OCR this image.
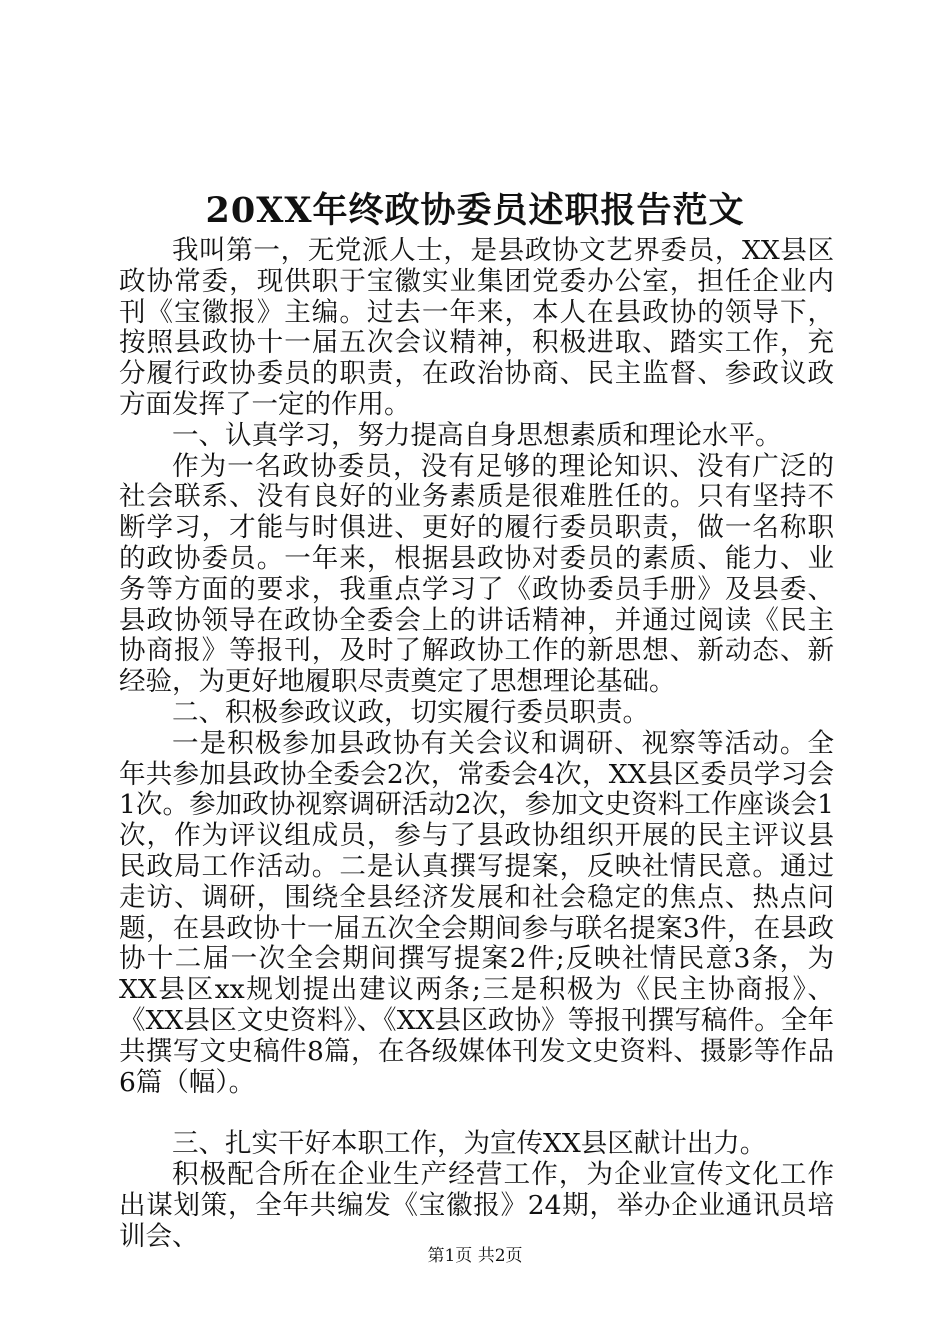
20XX年终政协委员述职报告范文

我叫第一，无党派人士，是县政协文艺界委员，XX县区政协常委，现供职于宝徽实业集团党委办公室，担任企业内刊《宝徽报》主编。过去一年来，本人在县政协的领导下，按照县政协十一届五次会议精神，积极进取、踏实工作，充分履行政协委员的职责，在政治协商、民主监督、参政议政方面发挥了一定的作用。

一、认真学习，努力提高自身思想素质和理论水平。

作为一名政协委员，没有足够的理论知识、没有广泛的社会联系、没有良好的业务素质是很难胜任的。只有坚持不断学习，才能与时俱进、更好的履行委员职责，做一名称职的政协委员。一年来，根据县政协对委员的素质、能力、业务等方面的要求，我重点学习了《政协委员手册》及县委、县政协领导在政协全委会上的讲话精神，并通过阅读《民主协商报》等报刊，及时了解政协工作的新思想、新动态、新经验，为更好地履职尽责奠定了思想理论基础。

二、积极参政议政，切实履行委员职责。

一是积极参加县政协有关会议和调研、视察等活动。全年共参加县政协全委会2次，常委会4次，XX县区委员学习会1次。参加政协视察调研活动2次，参加文史资料工作座谈会1次，作为评议组成员，参与了县政协组织开展的民主评议县民政局工作活动。二是认真撰写提案，反映社情民意。通过走访、调研，围绕全县经济发展和社会稳定的焦点、热点问题，在县政协十一届五次全会期间参与联名提案3件，在县政协十二届一次全会期间撰写提案2件;反映社情民意3条，为XX县区xx规划提出建议两条;三是积极为《民主协商报》、《XX县区文史资料》、《XX县区政协》等报刊撰写稿件。全年共撰写文史稿件8篇，在各级媒体刊发文史资料、摄影等作品6篇（幅）。

三、扎实干好本职工作，为宣传XX县区献计出力。

积极配合所在企业生产经营工作，为企业宣传文化工作出谋划策，全年共编发《宝徽报》24期，举办企业通讯员培训会、

第1页 共2页
